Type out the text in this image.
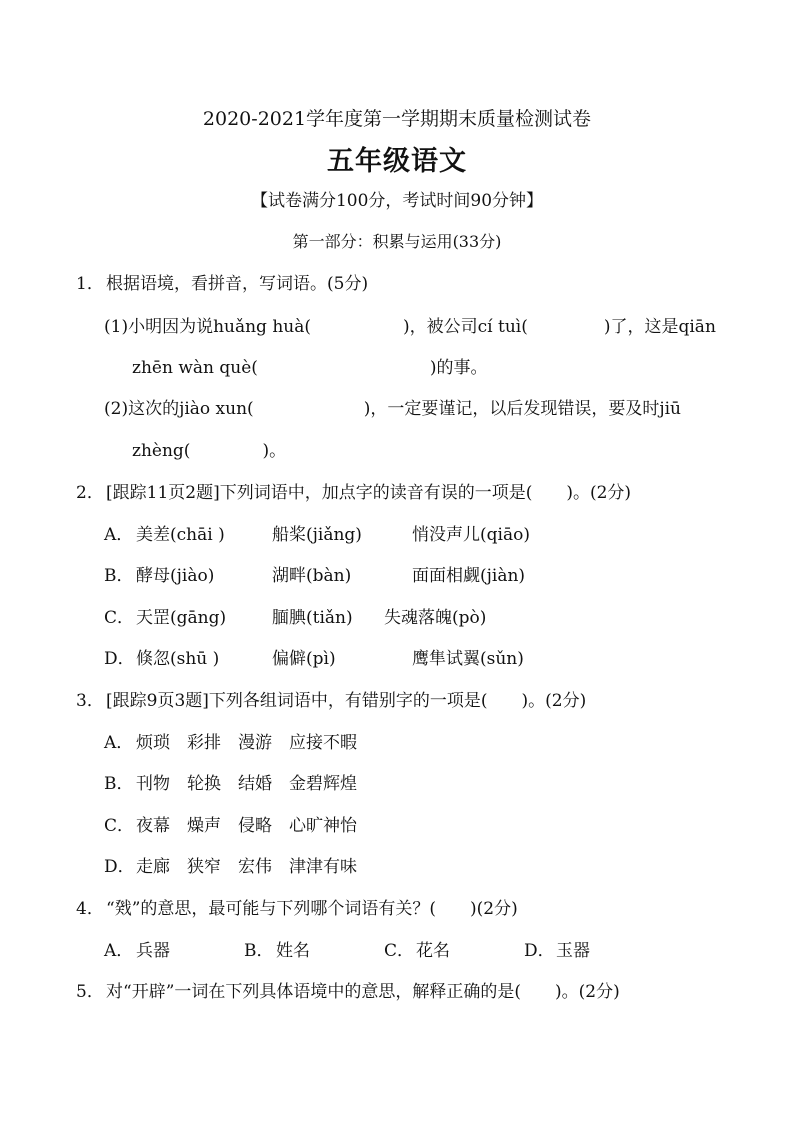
2020-2021学年度第一学期期末质量检测试卷
五年级语文
【试卷满分100分，考试时间90分钟】
第一部分：积累与运用(33分)
1． 根据语境，看拼音，写词语。(5分)
(1)小明因为说huǎng huà(	)，被公司cí tuì(	)了，这是qiān
zhēn wàn què(	)的事。
(2)这次的jiào xun(	)，一定要谨记，以后发现错误，要及时jiū
zhèng(	)。
2． [跟踪11页2题]下列词语中，加点字的读音有误的一项是(　　)。(2分)
A． 美差(chāi )	船桨(jiǎng)	悄没声儿(qiāo)
B． 酵母(jiào)	湖畔(bàn)	面面相觑(jiàn)
C． 天罡(gāng)	腼腆(tiǎn) 失魂落魄(pò)
D． 倏忽(shū )	偏僻(pì)	鹰隼试翼(sǔn)
3． [跟踪9页3题]下列各组词语中，有错别字的一项是(　　)。(2分)
A． 烦琐　彩排　漫游　应接不暇
B． 刊物　轮换　结婚　金碧辉煌
C． 夜幕　燥声　侵略　心旷神怡
D．走廊　狭窄　宏伟　津津有味
4． “戣”的意思，最可能与下列哪个词语有关？(　　)(2分)
A． 兵器	B． 姓名	C． 花名	D．玉器
5． 对“开辟”一词在下列具体语境中的意思，解释正确的是(　　)。(2分)
